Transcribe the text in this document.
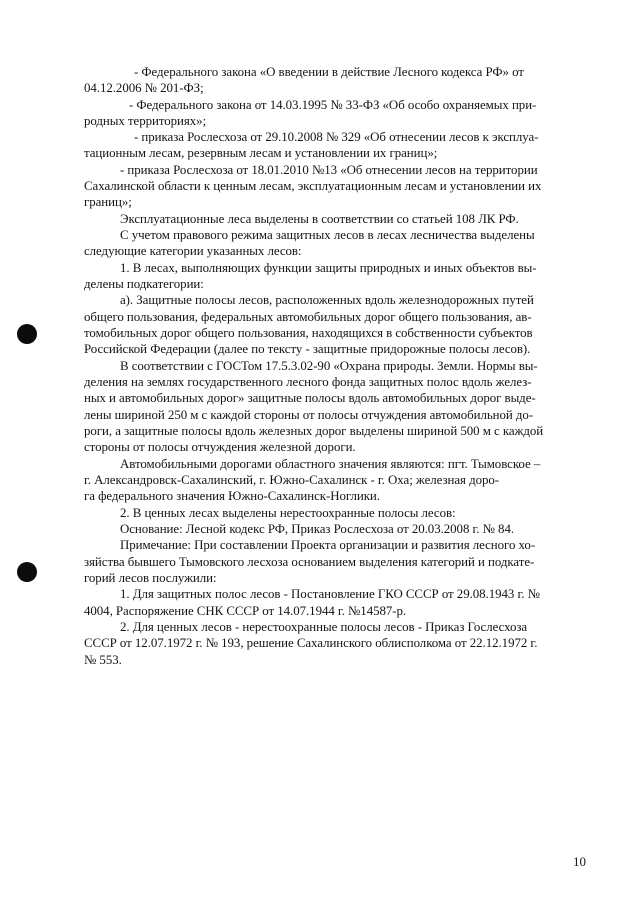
- Федерального закона «О введении в действие Лесного кодекса РФ» от
04.12.2006 № 201-ФЗ;
- Федерального закона от 14.03.1995 № 33-ФЗ «Об особо охраняемых при-
родных территориях»;
- приказа Рослесхоза от 29.10.2008 № 329 «Об отнесении лесов к эксплуа-
тационным лесам, резервным лесам и установлении их границ»;
- приказа Рослесхоза от 18.01.2010 №13 «Об отнесении лесов на территории
Сахалинской области к ценным лесам, эксплуатационным лесам и установлении их
границ»;
Эксплуатационные леса выделены в соответствии со статьей 108 ЛК РФ.
С учетом правового режима защитных лесов в лесах лесничества выделены
следующие категории указанных лесов:
1. В лесах, выполняющих функции защиты природных и иных объектов вы-
делены подкатегории:
а). Защитные полосы лесов, расположенных вдоль железнодорожных путей
общего пользования, федеральных автомобильных дорог общего пользования, ав-
томобильных дорог общего пользования, находящихся в собственности субъектов
Российской Федерации (далее по тексту - защитные придорожные полосы лесов).
В соответствии с ГОСТом 17.5.3.02-90 «Охрана природы. Земли. Нормы вы-
деления на землях государственного лесного фонда защитных полос вдоль желез-
ных и автомобильных дорог» защитные полосы вдоль автомобильных дорог выде-
лены шириной 250 м с каждой стороны от полосы отчуждения автомобильной до-
роги, а защитные полосы вдоль железных дорог выделены шириной 500 м с каждой
стороны от полосы отчуждения железной дороги.
Автомобильными дорогами областного значения являются: пгт. Тымовское –
г. Александровск-Сахалинский, г. Южно-Сахалинск - г. Оха; железная доро-
га федерального значения Южно-Сахалинск-Ноглики.
2. В ценных лесах выделены нерестоохранные полосы лесов:
Основание: Лесной кодекс РФ, Приказ Рослесхоза от 20.03.2008 г. № 84.
Примечание: При составлении Проекта организации и развития лесного хо-
зяйства бывшего Тымовского лесхоза основанием выделения категорий и подкате-
горий лесов послужили:
1. Для защитных полос лесов - Постановление ГКО СССР от 29.08.1943 г. №
4004, Распоряжение СНК СССР от 14.07.1944 г. №14587-р.
2. Для ценных лесов - нерестоохранные полосы лесов - Приказ Гослесхоза
СССР от 12.07.1972 г. № 193, решение Сахалинского облисполкома от 22.12.1972 г.
№ 553.
10
